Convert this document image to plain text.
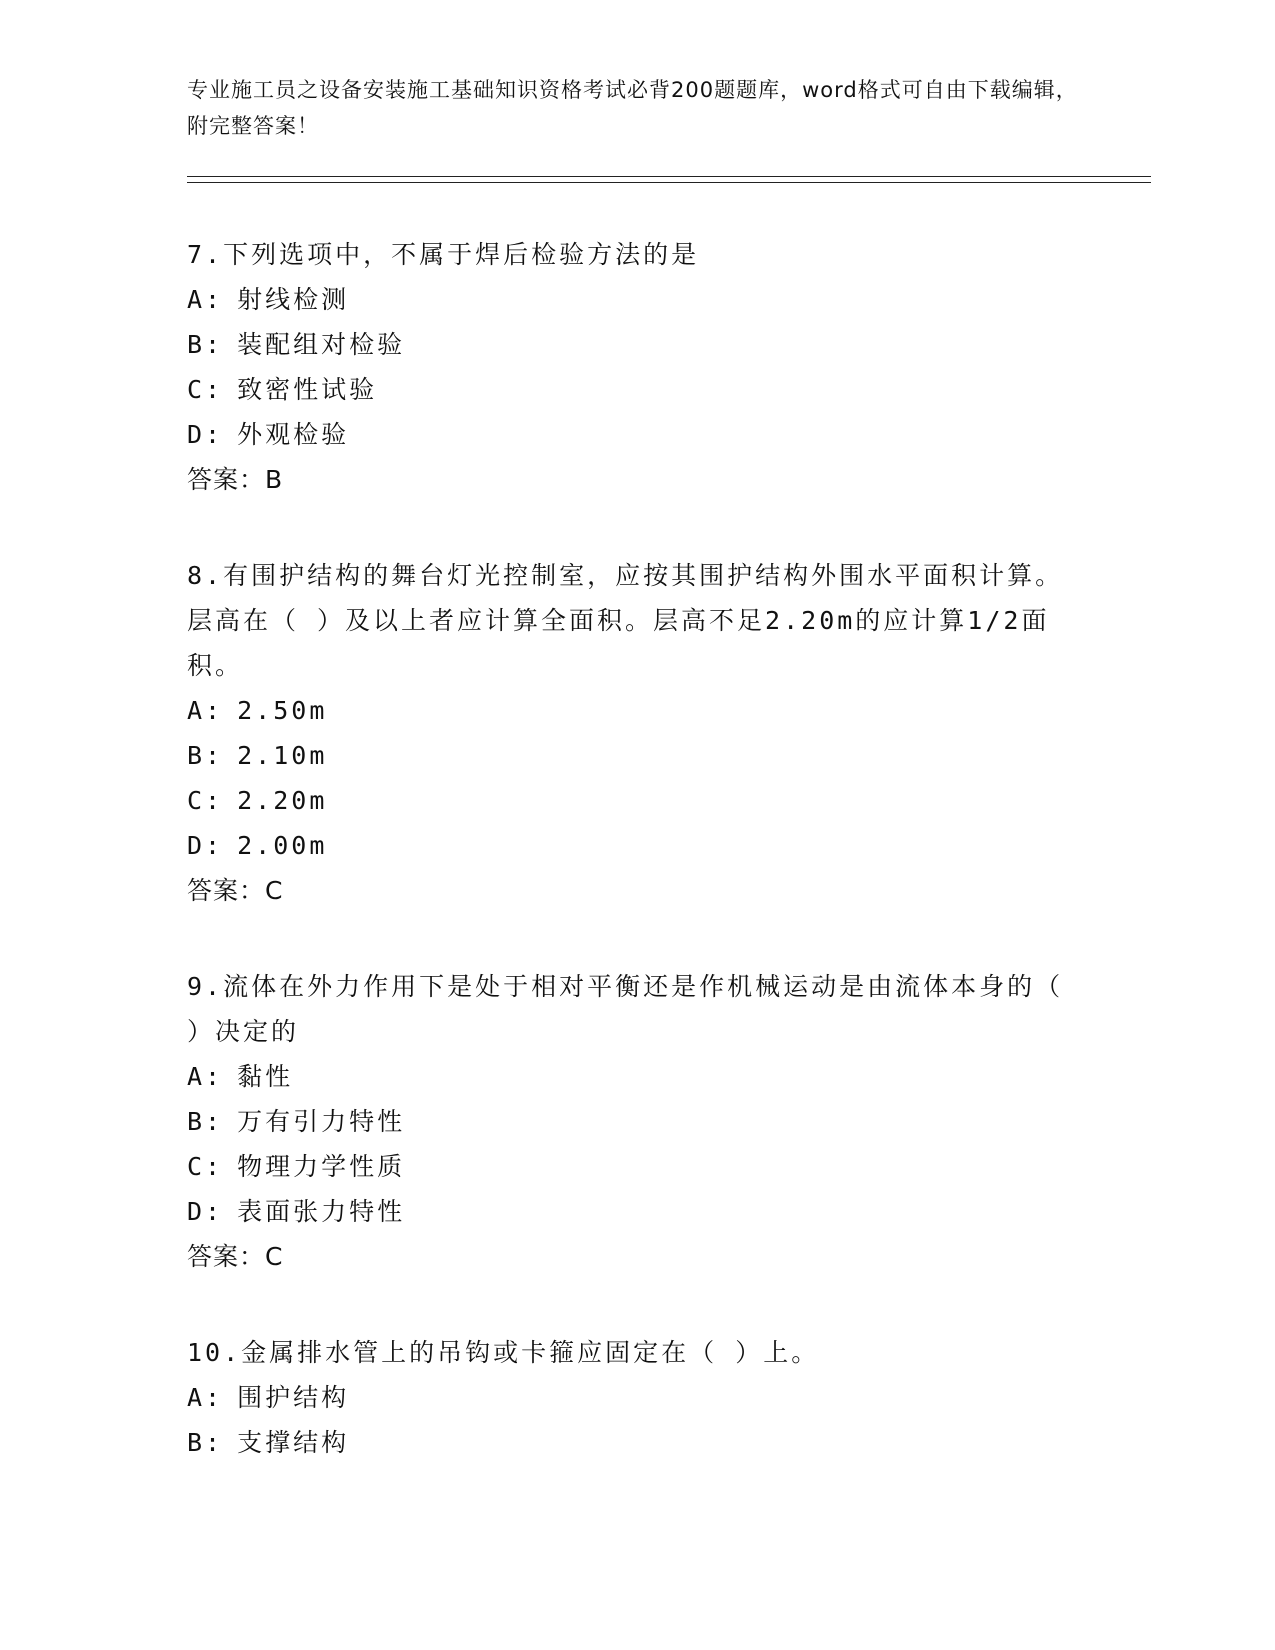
专业施工员之设备安装施工基础知识资格考试必背200题题库，word格式可自由下载编辑，附完整答案！

7.下列选项中，不属于焊后检验方法的是

A: 射线检测

B: 装配组对检验

C: 致密性试验

D: 外观检验

答案：B

8.有围护结构的舞台灯光控制室，应按其围护结构外围水平面积计算。层高在（ ）及以上者应计算全面积。层高不足2.20m的应计算1/2面积。

A: 2.50m

B: 2.10m

C: 2.20m

D: 2.00m

答案：C

9.流体在外力作用下是处于相对平衡还是作机械运动是由流体本身的（ ）决定的

A: 黏性

B: 万有引力特性

C: 物理力学性质

D: 表面张力特性

答案：C

10.金属排水管上的吊钩或卡箍应固定在（ ）上。

A: 围护结构

B: 支撑结构
